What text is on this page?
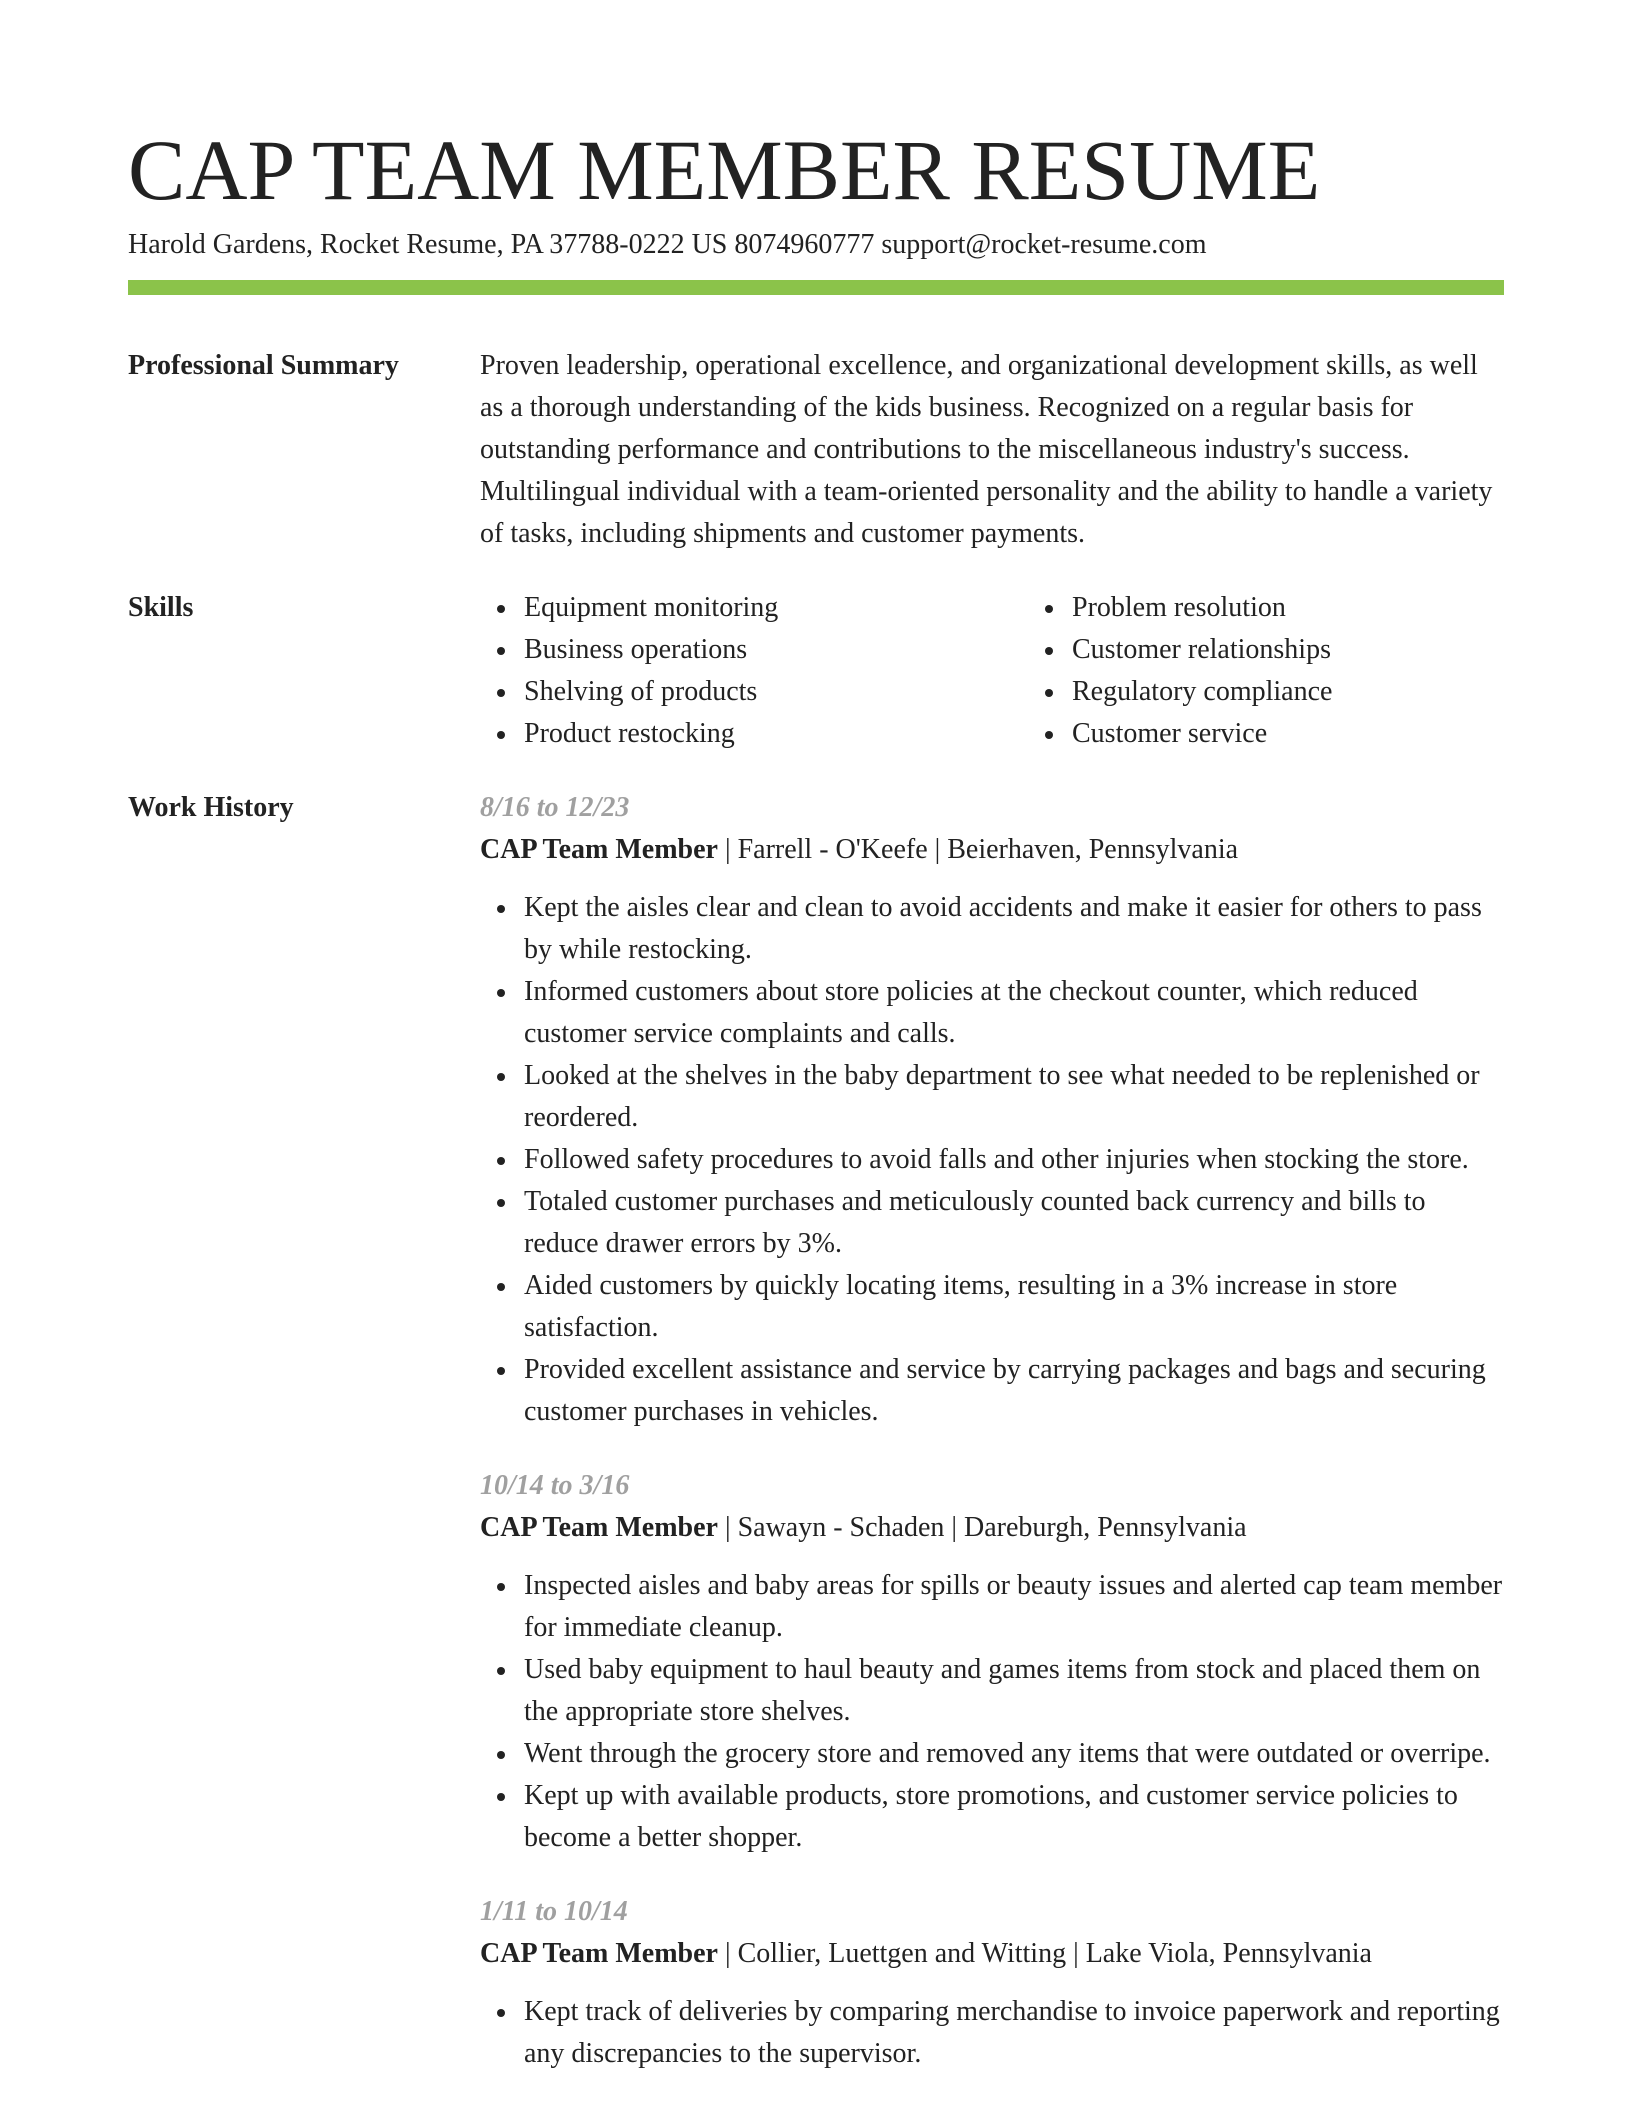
CAP TEAM MEMBER RESUME
Harold Gardens, Rocket Resume, PA 37788-0222 US 8074960777 support@rocket-resume.com
Professional Summary	Proven leadership, operational excellence, and organizational development skills, as well as a thorough understanding of the kids business. Recognized on a regular basis for outstanding performance and contributions to the miscellaneous industry's success. Multilingual individual with a team-oriented personality and the ability to handle a variety of tasks, including shipments and customer payments.
Skills	Equipment monitoring
Business operations
Shelving of products
Product restocking
Problem resolution
Customer relationships
Regulatory compliance
Customer service
Work History	8/16 to 12/23
CAP Team Member | Farrell - O'Keefe | Beierhaven, Pennsylvania
Kept the aisles clear and clean to avoid accidents and make it easier for others to pass by while restocking.
Informed customers about store policies at the checkout counter, which reduced customer service complaints and calls.
Looked at the shelves in the baby department to see what needed to be replenished or reordered.
Followed safety procedures to avoid falls and other injuries when stocking the store.
Totaled customer purchases and meticulously counted back currency and bills to reduce drawer errors by 3%.
Aided customers by quickly locating items, resulting in a 3% increase in store satisfaction.
Provided excellent assistance and service by carrying packages and bags and securing customer purchases in vehicles.
10/14 to 3/16
CAP Team Member | Sawayn - Schaden | Dareburgh, Pennsylvania
Inspected aisles and baby areas for spills or beauty issues and alerted cap team member for immediate cleanup.
Used baby equipment to haul beauty and games items from stock and placed them on the appropriate store shelves.
Went through the grocery store and removed any items that were outdated or overripe.
Kept up with available products, store promotions, and customer service policies to become a better shopper.
1/11 to 10/14
CAP Team Member | Collier, Luettgen and Witting | Lake Viola, Pennsylvania
Kept track of deliveries by comparing merchandise to invoice paperwork and reporting any discrepancies to the supervisor.
